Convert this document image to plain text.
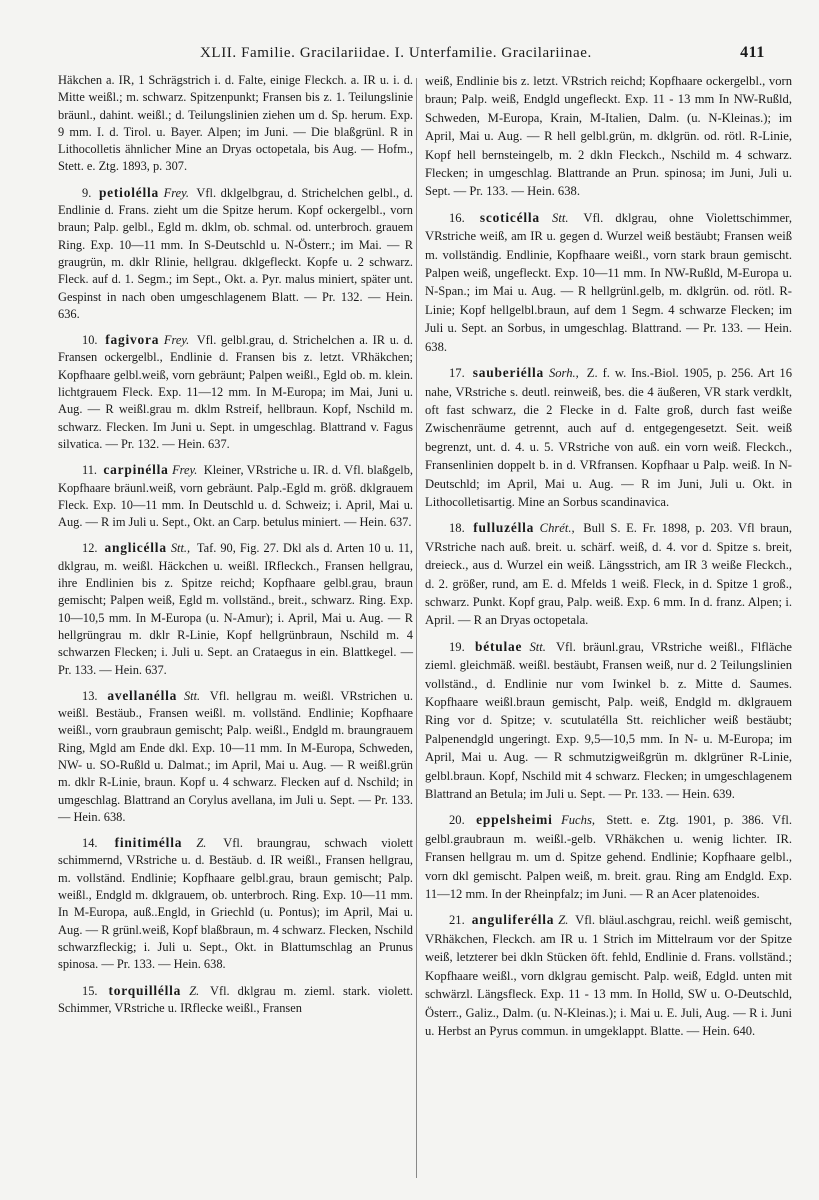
XLII. Familie. Gracilariidae. I. Unterfamilie. Gracilariinae.	411

Häkchen a. IR, 1 Schrägstrich i. d. Falte, einige Fleckch. a. IR u. i. d. Mitte weißl.; m. schwarz. Spitzenpunkt; Fransen bis z. 1. Teilungslinie bräunl., dahint. weißl.; d. Teilungslinien ziehen um d. Sp. herum. Exp. 9 mm. I. d. Tirol. u. Bayer. Alpen; im Juni. — Die blaßgrünl. R in Lithocolletis ähnlicher Mine an Dryas octopetala, bis Aug. — Hofm., Stett. e. Ztg. 1893, p. 307.

9. petiolélla Frey. Vfl. dklgelbgrau, d. Strichelchen gelbl., d. Endlinie d. Frans. zieht um die Spitze herum. Kopf ockergelbl., vorn braun; Palp. gelbl., Egld m. dklm, ob. schmal. od. unterbroch. grauem Ring. Exp. 10—11 mm. In S-Deutschld u. N-Österr.; im Mai. — R graugrün, m. dklr Rlinie, hellgrau. dklgefleckt. Kopfe u. 2 schwarz. Fleck. auf d. 1. Segm.; im Sept., Okt. a. Pyr. malus miniert, später unt. Gespinst in nach oben umgeschlagenem Blatt. — Pr. 132. — Hein. 636.

10. fagivora Frey. Vfl. gelbl.grau, d. Strichelchen a. IR u. d. Fransen ockergelbl., Endlinie d. Fransen bis z. letzt. VRhäkchen; Kopfhaare gelbl.weiß, vorn gebräunt; Palpen weißl., Egld ob. m. klein. lichtgrauem Fleck. Exp. 11—12 mm. In M-Europa; im Mai, Juni u. Aug. — R weißl.grau m. dklm Rstreif, hellbraun. Kopf, Nschild m. schwarz. Flecken. Im Juni u. Sept. in umgeschlag. Blattrand v. Fagus silvatica. — Pr. 132. — Hein. 637.

11. carpinélla Frey. Kleiner, VRstriche u. IR. d. Vfl. blaßgelb, Kopfhaare bräunl.weiß, vorn gebräunt. Palp.-Egld m. größ. dklgrauem Fleck. Exp. 10—11 mm. In Deutschld u. d. Schweiz; i. April, Mai u. Aug. — R im Juli u. Sept., Okt. an Carp. betulus miniert. — Hein. 637.

12. anglicélla Stt., Taf. 90, Fig. 27. Dkl als d. Arten 10 u. 11, dklgrau, m. weißl. Häckchen u. weißl. IRfleckch., Fransen hellgrau, ihre Endlinien bis z. Spitze reichd; Kopfhaare gelbl.grau, braun gemischt; Palpen weiß, Egld m. vollständ., breit., schwarz. Ring. Exp. 10—10,5 mm. In M-Europa (u. N-Amur); i. April, Mai u. Aug. — R hellgrüngrau m. dklr R-Linie, Kopf hellgrünbraun, Nschild m. 4 schwarzen Flecken; i. Juli u. Sept. an Crataegus in ein. Blattkegel. — Pr. 133. — Hein. 637.

13. avellanélla Stt. Vfl. hellgrau m. weißl. VRstrichen u. weißl. Bestäub., Fransen weißl. m. vollständ. Endlinie; Kopfhaare weißl., vorn graubraun gemischt; Palp. weißl., Endgld m. braungrauem Ring, Mgld am Ende dkl. Exp. 10—11 mm. In M-Europa, Schweden, NW- u. SO-Rußld u. Dalmat.; im April, Mai u. Aug. — R weißl.grün m. dklr R-Linie, braun. Kopf u. 4 schwarz. Flecken auf d. Nschild; in umgeschlag. Blattrand an Corylus avellana, im Juli u. Sept. — Pr. 133. — Hein. 638.

14. finitimélla Z. Vfl. braungrau, schwach violett schimmernd, VRstriche u. d. Bestäub. d. IR weißl., Fransen hellgrau, m. vollständ. Endlinie; Kopfhaare gelbl.grau, braun gemischt; Palp. weißl., Endgld m. dklgrauem, ob. unterbroch. Ring. Exp. 10—11 mm. In M-Europa, auß..Engld, in Griechld (u. Pontus); im April, Mai u. Aug. — R grünl.weiß, Kopf blaßbraun, m. 4 schwarz. Flecken, Nschild schwarzfleckig; i. Juli u. Sept., Okt. in Blattumschlag an Prunus spinosa. — Pr. 133. — Hein. 638.

15. torquillélla Z. Vfl. dklgrau m. zieml. stark. violett. Schimmer, VRstriche u. IRflecke weißl., Fransen

weiß, Endlinie bis z. letzt. VRstrich reichd; Kopfhaare ockergelbl., vorn braun; Palp. weiß, Endgld ungefleckt. Exp. 11 - 13 mm In NW-Rußld, Schweden, M-Europa, Krain, M-Italien, Dalm. (u. N-Kleinas.); im April, Mai u. Aug. — R hell gelbl.grün, m. dklgrün. od. rötl. R-Linie, Kopf hell bernsteingelb, m. 2 dkln Fleckch., Nschild m. 4 schwarz. Flecken; in umgeschlag. Blattrande an Prun. spinosa; im Juni, Juli u. Sept. — Pr. 133. — Hein. 638.

16. scoticélla Stt. Vfl. dklgrau, ohne Violettschimmer, VRstriche weiß, am IR u. gegen d. Wurzel weiß bestäubt; Fransen weiß m. vollständig. Endlinie, Kopfhaare weißl., vorn stark braun gemischt. Palpen weiß, ungefleckt. Exp. 10—11 mm. In NW-Rußld, M-Europa u. N-Span.; im Mai u. Aug. — R hellgrünl.gelb, m. dklgrün. od. rötl. R-Linie; Kopf hellgelbl.braun, auf dem 1 Segm. 4 schwarze Flecken; im Juli u. Sept. an Sorbus, in umgeschlag. Blattrand. — Pr. 133. — Hein. 638.

17. sauberiélla Sorh., Z. f. w. Ins.-Biol. 1905, p. 256. Art 16 nahe, VRstriche s. deutl. reinweiß, bes. die 4 äußeren, VR stark verdklt, oft fast schwarz, die 2 Flecke in d. Falte groß, durch fast weiße Zwischenräume getrennt, auch auf d. entgegengesetzt. Seit. weiß begrenzt, unt. d. 4. u. 5. VRstriche von auß. ein vorn weiß. Fleckch., Fransenlinien doppelt b. in d. VRfransen. Kopfhaar u Palp. weiß. In N-Deutschld; im April, Mai u. Aug. — R im Juni, Juli u. Okt. in Lithocolletisartig. Mine an Sorbus scandinavica.

18. fulluzélla Chrét., Bull S. E. Fr. 1898, p. 203. Vfl braun, VRstriche nach auß. breit. u. schärf. weiß, d. 4. vor d. Spitze s. breit, dreieck., aus d. Wurzel ein weiß. Längsstrich, am IR 3 weiße Fleckch., d. 2. größer, rund, am E. d. Mfelds 1 weiß. Fleck, in d. Spitze 1 groß., schwarz. Punkt. Kopf grau, Palp. weiß. Exp. 6 mm. In d. franz. Alpen; i. April. — R an Dryas octopetala.

19. bétulae Stt. Vfl. bräunl.grau, VRstriche weißl., Flfläche zieml. gleichmäß. weißl. bestäubt, Fransen weiß, nur d. 2 Teilungslinien vollständ., d. Endlinie nur vom Iwinkel b. z. Mitte d. Saumes. Kopfhaare weißl.braun gemischt, Palp. weiß, Endgld m. dklgrauem Ring vor d. Spitze; v. scutulatélla Stt. reichlicher weiß bestäubt; Palpenendgld ungeringt. Exp. 9,5—10,5 mm. In N- u. M-Europa; im April, Mai u. Aug. — R schmutzigweißgrün m. dklgrüner R-Linie, gelbl.braun. Kopf, Nschild mit 4 schwarz. Flecken; in umgeschlagenem Blattrand an Betula; im Juli u. Sept. — Pr. 133. — Hein. 639.

20. eppelsheimi Fuchs, Stett. e. Ztg. 1901, p. 386. Vfl. gelbl.graubraun m. weißl.-gelb. VRhäkchen u. wenig lichter. IR. Fransen hellgrau m. um d. Spitze gehend. Endlinie; Kopfhaare gelbl., vorn dkl gemischt. Palpen weiß, m. breit. grau. Ring am Endgld. Exp. 11—12 mm. In der Rheinpfalz; im Juni. — R an Acer platenoides.

21. anguliferélla Z. Vfl. bläul.aschgrau, reichl. weiß gemischt, VRhäkchen, Fleckch. am IR u. 1 Strich im Mittelraum vor der Spitze weiß, letzterer bei dkln Stücken öft. fehld, Endlinie d. Frans. vollständ.; Kopfhaare weißl., vorn dklgrau gemischt. Palp. weiß, Edgld. unten mit schwärzl. Längsfleck. Exp. 11 - 13 mm. In Holld, SW u. O-Deutschld, Österr., Galiz., Dalm. (u. N-Kleinas.); i. Mai u. E. Juli, Aug. — R i. Juni u. Herbst an Pyrus commun. in umgeklappt. Blatte. — Hein. 640.
